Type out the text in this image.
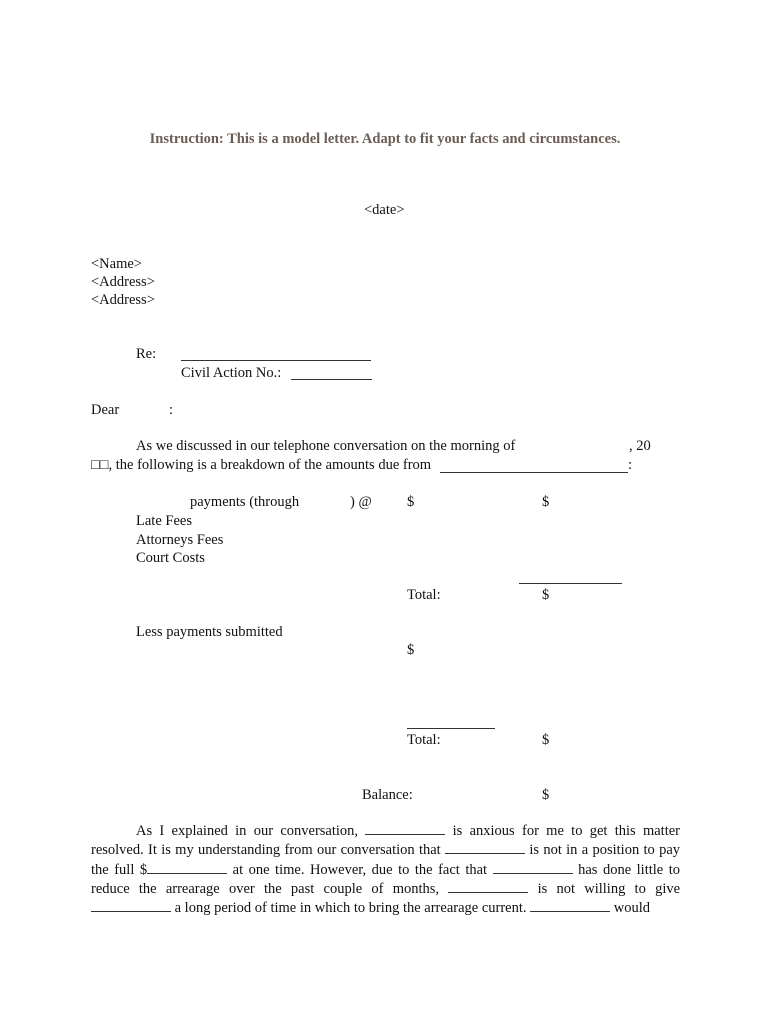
Instruction: This is a model letter. Adapt to fit your facts and circumstances.
<date>
<Name>
<Address>
<Address>
Re:
Civil Action No.:
Dear	:
As we discussed in our telephone conversation on the morning of	, 20
□□, the following is a breakdown of the amounts due from	:
payments (through	) @ $	$
Late Fees
Attorneys Fees
Court Costs
Total:	$
Less payments submitted
$
Total:	$
Balance:	$
As I explained in our conversation,	is anxious for me to get this matter resolved. It is my understanding from our conversation that	is not in a position to pay the full $	at one time. However, due to the fact that	has done little to reduce the arrearage over the past couple of months,	is not willing to give  a long period of time in which to bring the arrearage current.	would
